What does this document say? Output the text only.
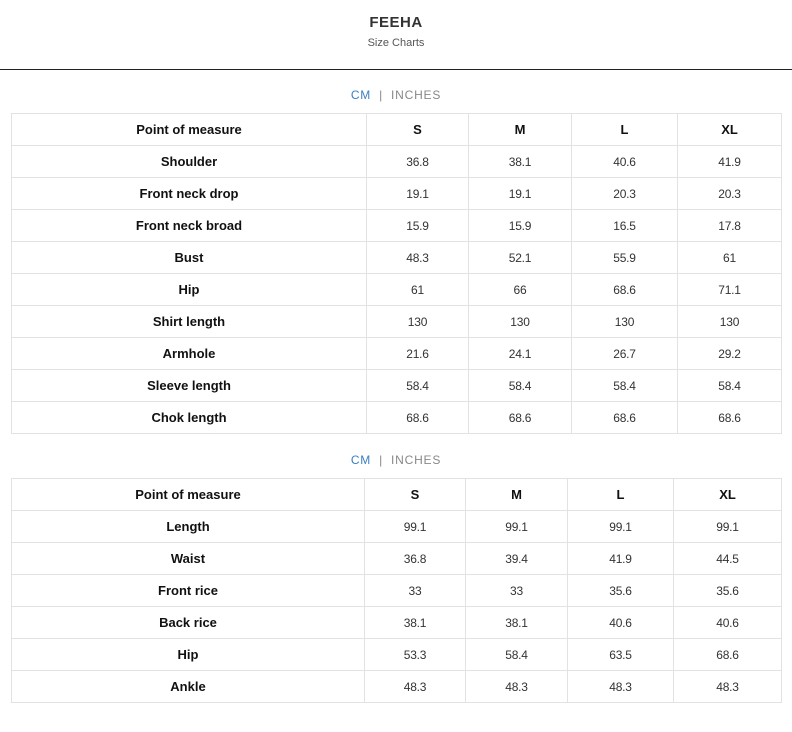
FEEHA
Size Charts
CM | INCHES
Point of measure	S	M	L	XL
Shoulder	36.8	38.1	40.6	41.9
Front neck drop	19.1	19.1	20.3	20.3
Front neck broad	15.9	15.9	16.5	17.8
Bust	48.3	52.1	55.9	61
Hip	61	66	68.6	71.1
Shirt length	130	130	130	130
Armhole	21.6	24.1	26.7	29.2
Sleeve length	58.4	58.4	58.4	58.4
Chok length	68.6	68.6	68.6	68.6
CM | INCHES
Point of measure	S	M	L	XL
Length	99.1	99.1	99.1	99.1
Waist	36.8	39.4	41.9	44.5
Front rice	33	33	35.6	35.6
Back rice	38.1	38.1	40.6	40.6
Hip	53.3	58.4	63.5	68.6
Ankle	48.3	48.3	48.3	48.3
